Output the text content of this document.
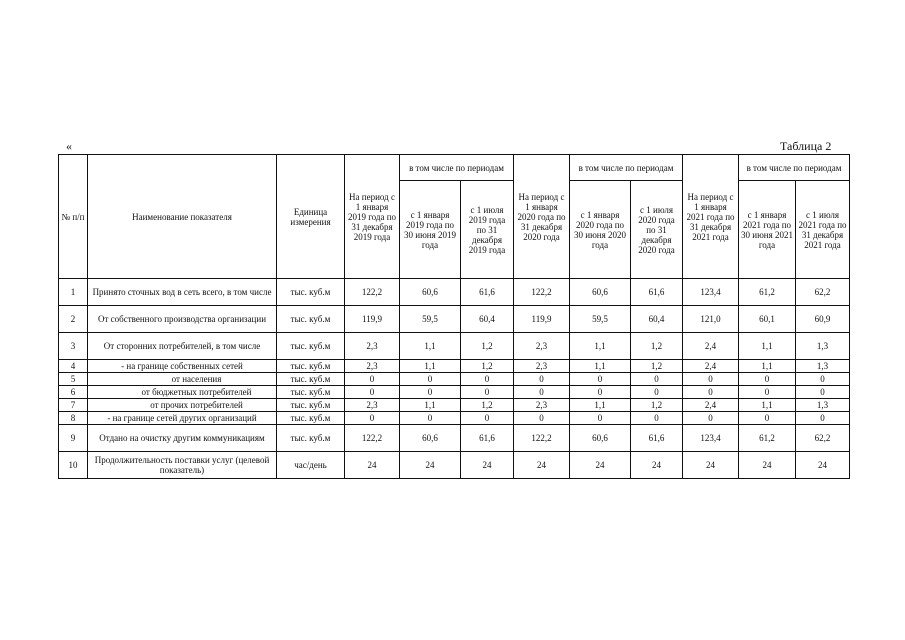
«	Таблица 2
№ п/п	Наименование показателя	Единица измерения	На период с 1 января 2019 года по 31 декабря 2019 года	в том числе по периодам		На период с 1 января 2020 года по 31 декабря 2020 года	в том числе по периодам		На период с 1 января 2021 года по 31 декабря 2021 года	в том числе по периодам	
				с 1 января 2019 года по 30 июня 2019 года	с 1 июля 2019 года по 31 декабря 2019 года		с 1 января 2020 года по 30 июня 2020 года	с 1 июля 2020 года по 31 декабря 2020 года		с 1 января 2021 года по 30 июня 2021 года	с 1 июля 2021 года по 31 декабря 2021 года
1	Принято сточных вод в сеть всего, в том числе	тыс. куб.м	122,2	60,6	61,6	122,2	60,6	61,6	123,4	61,2	62,2
2	От собственного производства организации	тыс. куб.м	119,9	59,5	60,4	119,9	59,5	60,4	121,0	60,1	60,9
3	От сторонних потребителей, в том числе	тыс. куб.м	2,3	1,1	1,2	2,3	1,1	1,2	2,4	1,1	1,3
4	- на границе собственных сетей	тыс. куб.м	2,3	1,1	1,2	2,3	1,1	1,2	2,4	1,1	1,3
5	от населения	тыс. куб.м	0	0	0	0	0	0	0	0	0
6	от бюджетных потребителей	тыс. куб.м	0	0	0	0	0	0	0	0	0
7	от прочих потребителей	тыс. куб.м	2,3	1,1	1,2	2,3	1,1	1,2	2,4	1,1	1,3
8	- на границе сетей других организаций	тыс. куб.м	0	0	0	0	0	0	0	0	0
9	Отдано на очистку другим коммуникациям	тыс. куб.м	122,2	60,6	61,6	122,2	60,6	61,6	123,4	61,2	62,2
10	Продолжительность поставки услуг (целевой показатель)	час/день	24	24	24	24	24	24	24	24	24
